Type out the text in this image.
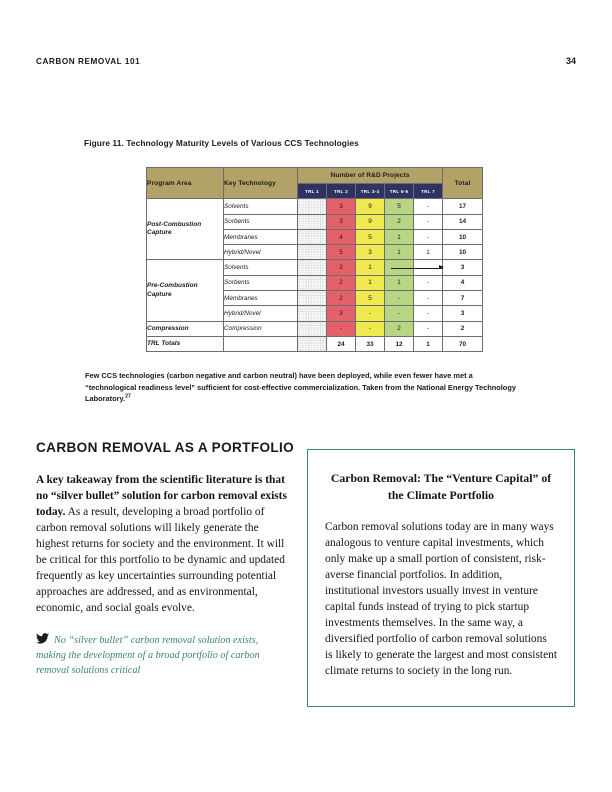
CARBON REMOVAL 101	34
Figure 11. Technology Maturity Levels of Various CCS Technologies
Program Area	Key Technology	Number of R&D Projects					Total
		TRL 1	TRL 2	TRL 3-4	TRL 5-6	TRL 7	
Post-Combustion Capture	Solvents		3	9	5	-	17
	Sorbents		3	9	2	-	14
	Membranes		4	5	1	-	10
	Hybrid/Novel		5	3	1	1	10
Pre-Combustion Capture	Solvents		2	1			3
	Sorbents		2	1	1	-	4
	Membranes		2	5	-	-	7
	Hybrid/Novel		3	-	-	-	3
Compression	Compression		-	-	2	-	2
TRL Totals			24	33	12	1	70
Few CCS technologies (carbon negative and carbon neutral) have been deployed, while even fewer have met a “technological readiness level” sufficient for cost-effective commercialization. Taken from the National Energy Technology Laboratory.$^{27}$
CARBON REMOVAL AS A PORTFOLIO

A key takeaway from the scientific literature is that no “silver bullet” solution for carbon removal exists today. As a result, developing a broad portfolio of carbon removal solutions will likely generate the highest returns for society and the environment. It will be critical for this portfolio to be dynamic and updated frequently as key uncertainties surrounding potential approaches are addressed, and as environmental, economic, and social goals evolve.

No “silver bullet” carbon removal solution exists, making the development of a broad portfolio of carbon removal solutions critical
Carbon Removal: The “Venture Capital” of the Climate Portfolio
Carbon removal solutions today are in many ways analogous to venture capital investments, which only make up a small portion of consistent, risk-averse financial portfolios. In addition, institutional investors usually invest in venture capital funds instead of trying to pick startup investments themselves. In the same way, a diversified portfolio of carbon removal solutions is likely to generate the largest and most consistent climate returns to society in the long run.
